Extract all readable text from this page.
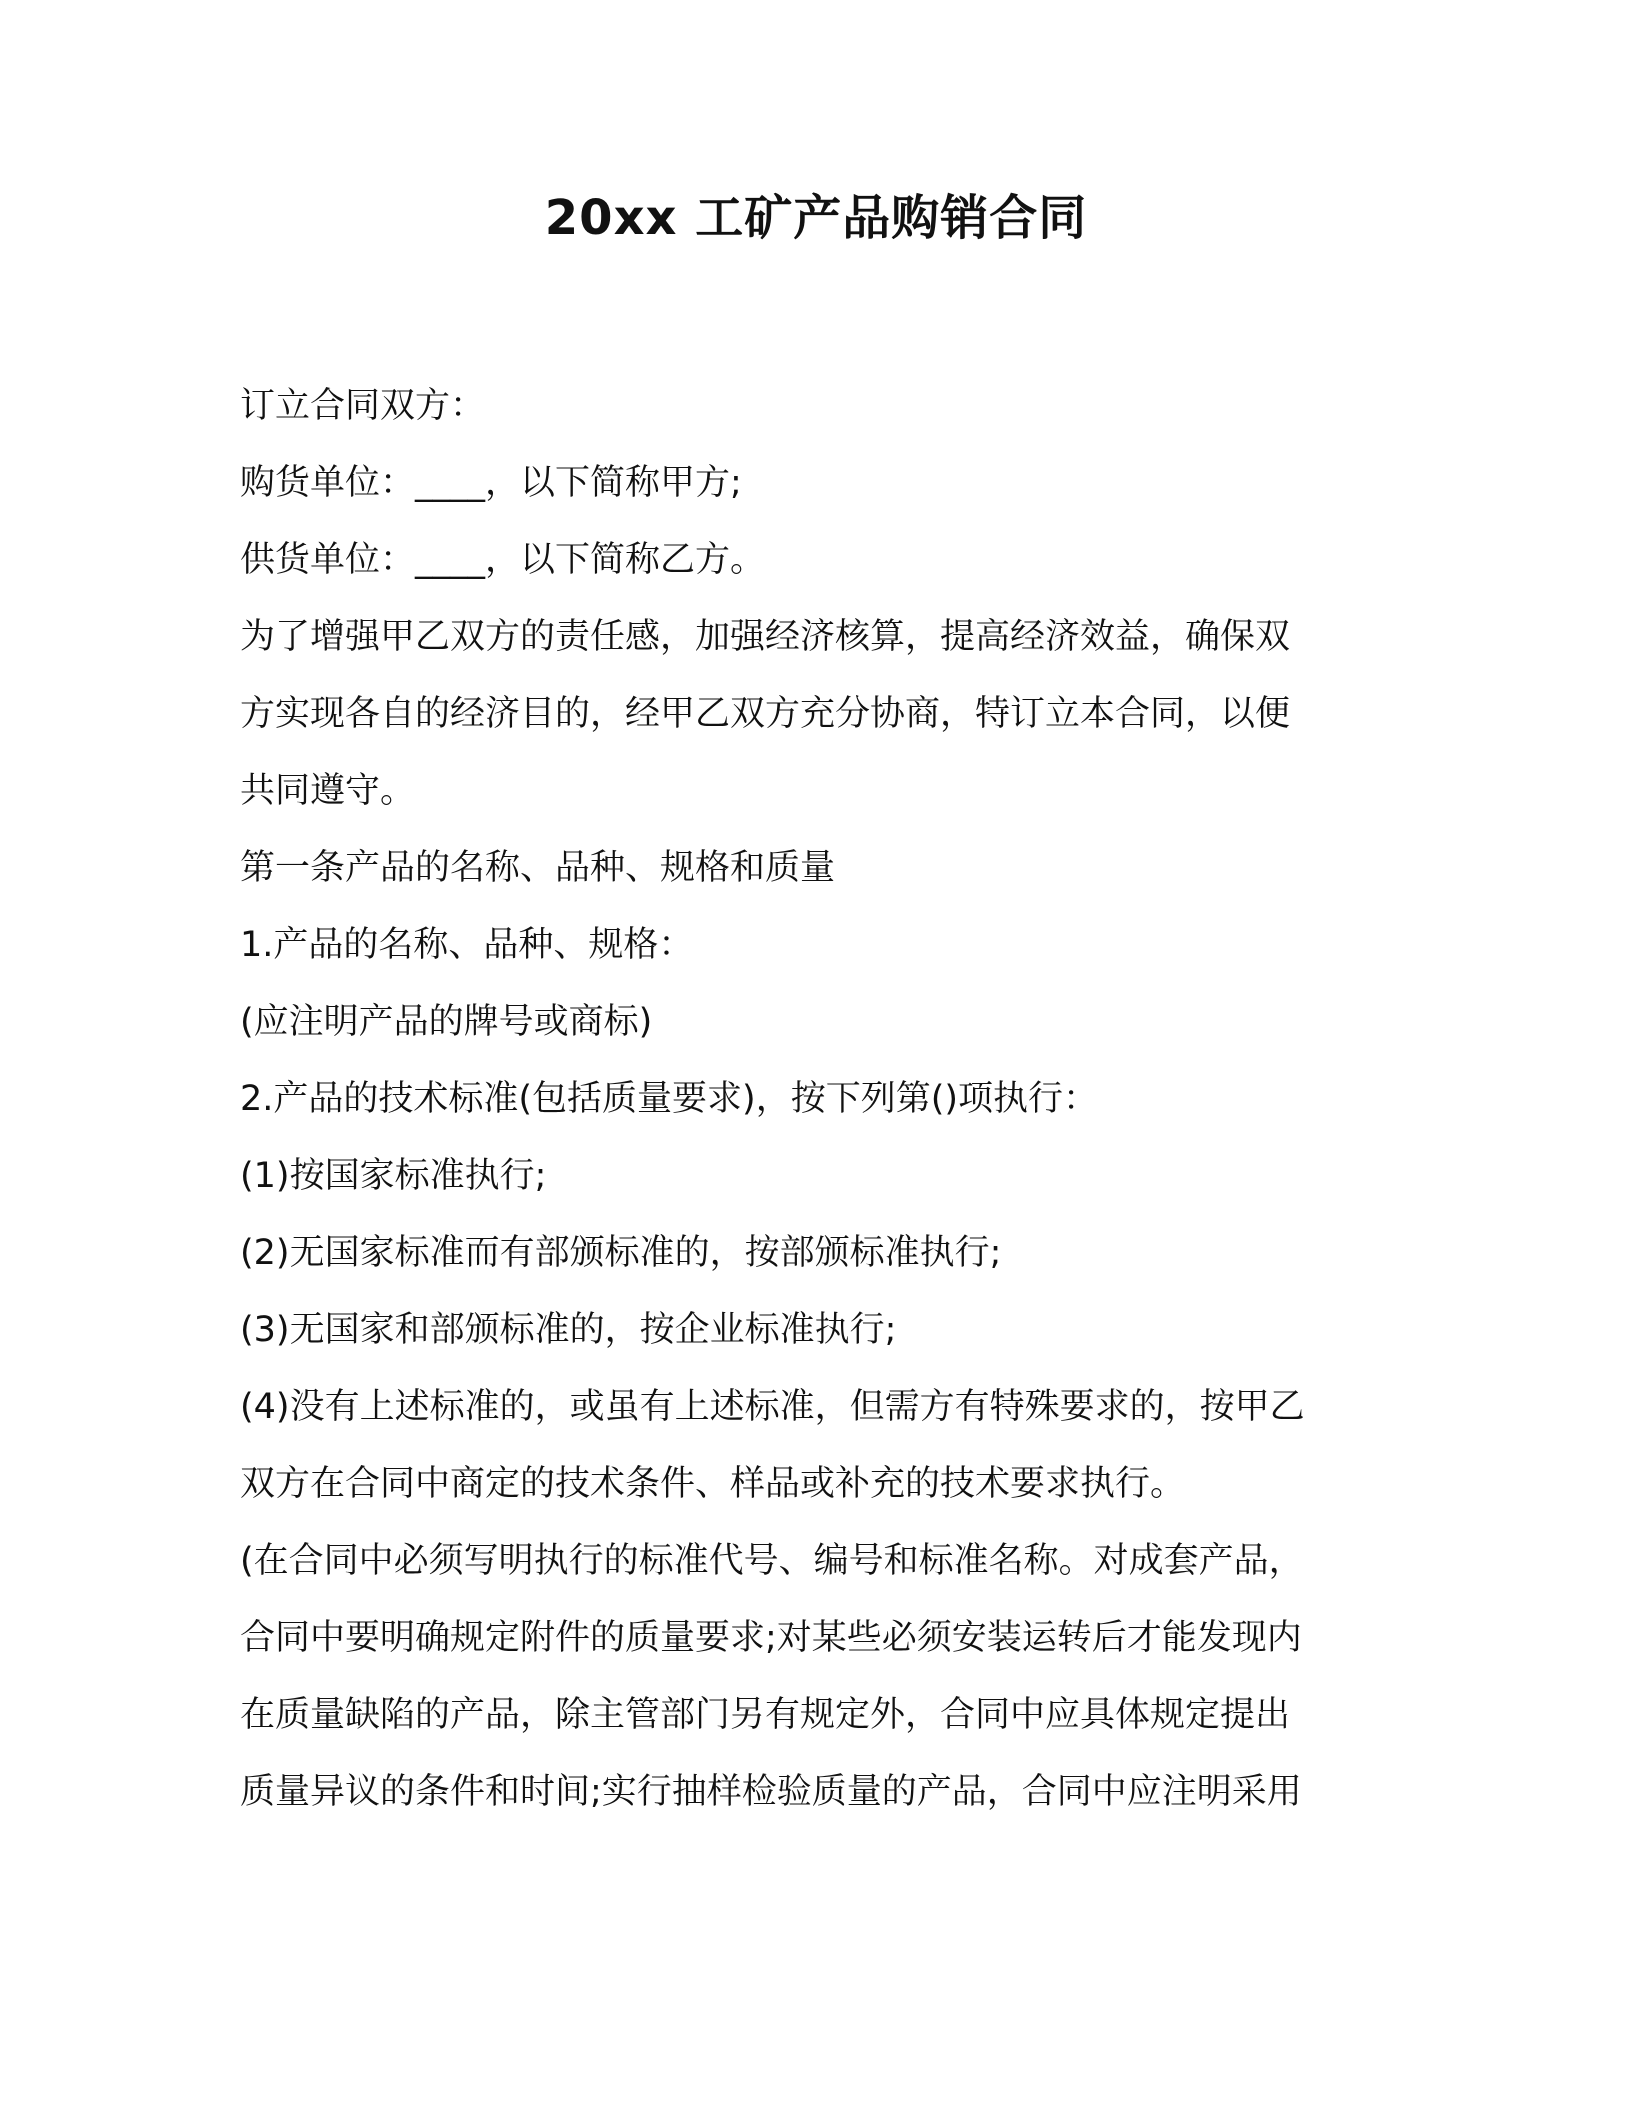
20xx 工矿产品购销合同

订立合同双方：

购货单位：____，以下简称甲方;

供货单位：____，以下简称乙方。

为了增强甲乙双方的责任感，加强经济核算，提高经济效益，确保双

方实现各自的经济目的，经甲乙双方充分协商，特订立本合同，以便

共同遵守。

第一条产品的名称、品种、规格和质量

1.产品的名称、品种、规格：

(应注明产品的牌号或商标)

2.产品的技术标准(包括质量要求)，按下列第()项执行：

(1)按国家标准执行;

(2)无国家标准而有部颁标准的，按部颁标准执行;

(3)无国家和部颁标准的，按企业标准执行;

(4)没有上述标准的，或虽有上述标准，但需方有特殊要求的，按甲乙

双方在合同中商定的技术条件、样品或补充的技术要求执行。

(在合同中必须写明执行的标准代号、编号和标准名称。对成套产品，

合同中要明确规定附件的质量要求;对某些必须安装运转后才能发现内

在质量缺陷的产品，除主管部门另有规定外，合同中应具体规定提出

质量异议的条件和时间;实行抽样检验质量的产品，合同中应注明采用
